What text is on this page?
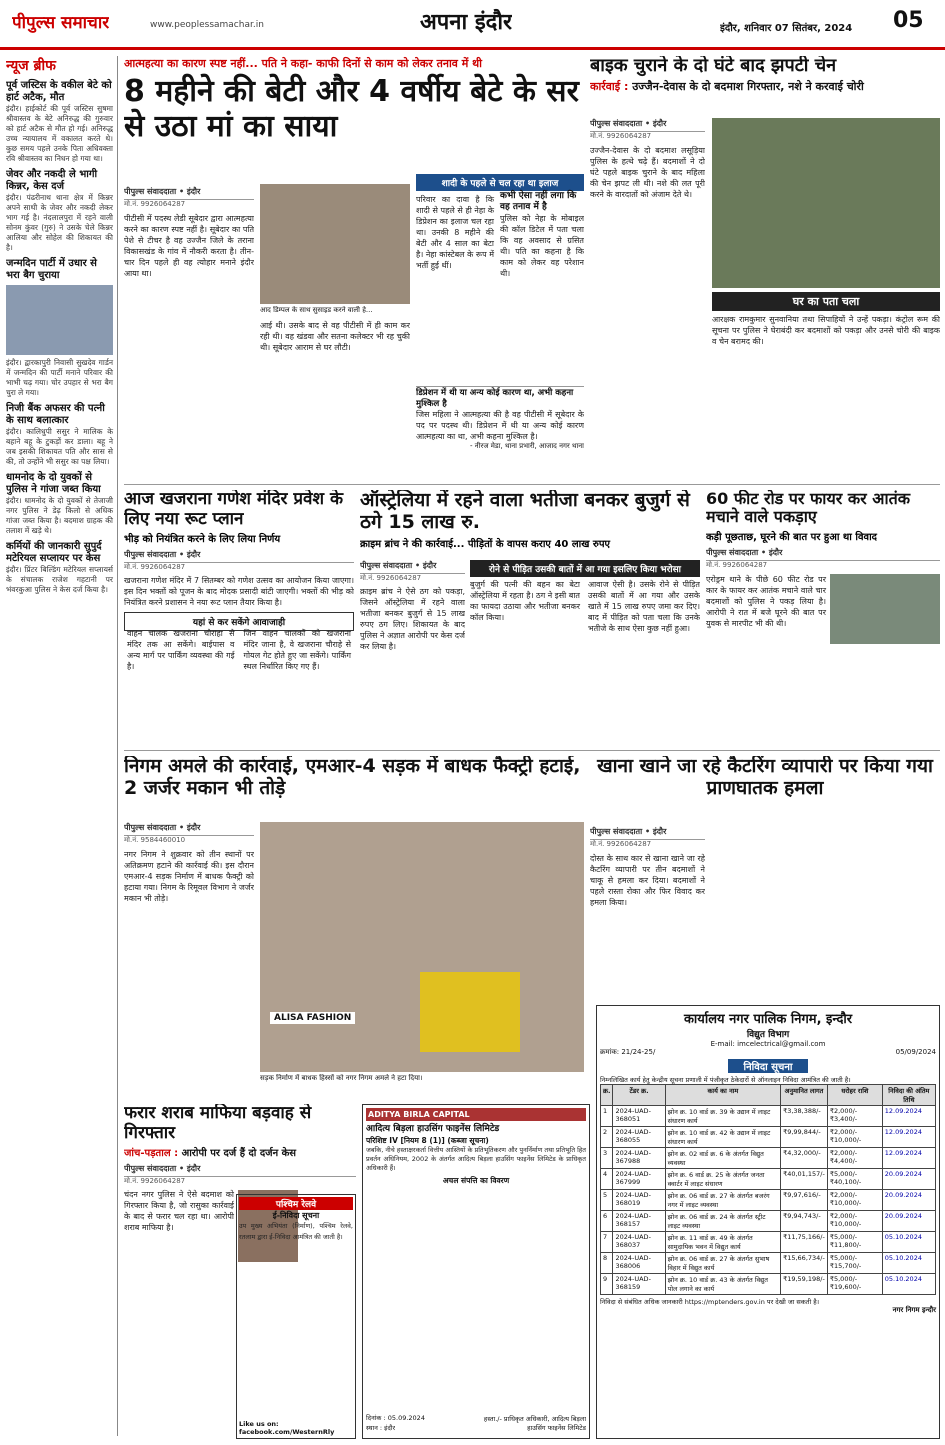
पीपुल्स समाचार	www.peoplessamachar.in	अपना इंदौर	इंदौर, शनिवार 07 सितंबर, 2024 05
न्यूज ब्रीफ
पूर्व जस्टिस के वकील बेटे को हार्ट अटैक, मौत
इंदौर। हाईकोर्ट की पूर्व जस्टिस सुषमा श्रीवास्तव के बेटे अनिरुद्ध की गुरुवार को हार्ट अटैक से मौत हो गई। अनिरुद्ध उच्च न्यायालय में वकालत करते थे। कुछ समय पहले उनके पिता अधिवक्ता रवि श्रीवास्तव का निधन हो गया था।
जेवर और नकदी ले भागी किन्नर, केस दर्ज
इंदौर। पंढरीनाथ थाना क्षेत्र में किन्नर अपने साथी के जेवर और नकदी लेकर भाग गई है। नंदलालपुरा में रहने वाली सोनम कुंवर (गुरु) ने उसके चेले किन्नर आलिया और सोहेल की शिकायत की है।
जन्मदिन पार्टी में उधार से भरा बैग चुराया
इंदौर। द्वारकापुरी निवासी सुखदेव गार्डन में जन्मदिन की पार्टी मनाने परिवार की भाभी चढ़ गया। चोर उपहार से भरा बैग चुरा ले गया।
निजी बैंक अफसर की पत्नी के साथ बलात्कार
इंदौर। कालिधुपी ससुर ने मालिक के बहाने बहू के टुकड़ों कर डाला। बहू ने जब इसकी शिकायत पति और सास से की, तो उन्होंने भी ससुर का पक्ष लिया।
धामनोद के दो युवकों से पुलिस ने गांजा जब्त किया
इंदौर। धामनोद के दो युवकों से तेजाजी नगर पुलिस ने डेढ़ किलो से अधिक गांजा जब्त किया है। बदमाश ग्राहक की तलाश में खड़े थे।
कर्मियों की जानकारी सुपुर्द मटेरियल सप्लायर पर केस
इंदौर। प्रिंटर बिल्डिंग मटेरियल सप्लायर्स के संचालक राजेश गहटानी पर भंवरकुआ पुलिस ने केस दर्ज किया है।
आत्महत्या का कारण स्पष्ट नहीं... पति ने कहा- काफी दिनों से काम को लेकर तनाव में थी
8 महीने की बेटी और 4 वर्षीय बेटे के सर से उठा मां का साया
पीपुल्स संवाददाता • इंदौर
मो.नं. 9926064287
पीटीसी में पदस्थ लेडी सूबेदार द्वारा आत्महत्या करने का कारण स्पष्ट नहीं है। सूबेदार का पति पेशे से टीचर है वह उज्जैन जिले के तराना विकासखंड के गांव में नौकरी करता है। तीन-चार दिन पहले ही वह त्योहार मनाने इंदौर आया था।
आद डिम्पल के साथ सुसाइड करने वाली हे...
आई थी। उसके बाद से वह पीटीसी में ही काम कर रही थी। वह खंडवा और सतना कलेक्टर भी रह चुकी थी। सूबेदार आराम से घर लौटी।
शादी के पहले से चल रहा था इलाज
परिवार का दावा है कि शादी से पहले से ही नेहा के डिप्रेशन का इलाज चल रहा था। उनकी 8 महीने की बेटी और 4 साल का बेटा है। नेहा कांस्टेबल के रूप में भर्ती हुई थीं।
कभी ऐसा नहीं लगा कि वह तनाव में है
पुलिस को नेहा के मोबाइल की कॉल डिटेल में पता चला कि वह अवसाद से ग्रसित थी। पति का कहना है कि काम को लेकर वह परेशान थी।
डिप्रेशन में थी या अन्य कोई कारण था, अभी कहना मुश्किल है
जिस महिला ने आत्महत्या की है वह पीटीसी में सूबेदार के पद पर पदस्थ थी। डिप्रेशन में थी या अन्य कोई कारण आत्महत्या का था, अभी कहना मुश्किल है।
- नीरज मेडा, थाना प्रभारी, आजाद नगर थाना
बाइक चुराने के दो घंटे बाद झपटी चेन
कार्रवाई : उज्जैन-देवास के दो बदमाश गिरफ्तार, नशे ने करवाई चोरी
पीपुल्स संवाददाता • इंदौर
मो.नं. 9926064287
उज्जैन-देवास के दो बदमाश लसूड़िया पुलिस के हत्थे चढ़े हैं। बदमाशों ने दो घंटे पहले बाइक चुराने के बाद महिला की चेन झपट ली थी। नशे की लत पूरी करने के वारदातों को अंजाम देते थे।
घर का पता चला
आरक्षक रामकुमार सुनवानिया तथा सिपाहियों ने उन्हें पकड़ा। कंट्रोल रूम की सूचना पर पुलिस ने घेराबंदी कर बदमाशों को पकड़ा और उनसे चोरी की बाइक व चेन बरामद की।
आज खजराना गणेश मंदिर प्रवेश के लिए नया रूट प्लान
भीड़ को नियंत्रित करने के लिए लिया निर्णय
पीपुल्स संवाददाता • इंदौर
मो.नं. 9926064287
खजराना गणेश मंदिर में 7 सितम्बर को गणेश उत्सव का आयोजन किया जाएगा। इस दिन भक्तों को पूजन के बाद मोदक प्रसादी बांटी जाएगी। भक्तों की भीड़ को नियंत्रित करने प्रशासन ने नया रूट प्लान तैयार किया है।
यहां से कर सकेंगे आवाजाही
वाहन चालक खजराना चौराहा से मंदिर तक आ सकेंगे। बाईपास व अन्य मार्ग पर पार्किंग व्यवस्था की गई है।
जिन वाहन चालकों को खजराना मंदिर जाना है, वे खजराना चौराहे से गोयल गेट होते हुए जा सकेंगे। पार्किंग स्थल निर्धारित किए गए हैं।
ऑस्ट्रेलिया में रहने वाला भतीजा बनकर बुजुर्ग से ठगे 15 लाख रु.
क्राइम ब्रांच ने की कार्रवाई... पीड़ितों के वापस कराए 40 लाख रुपए
पीपुल्स संवाददाता • इंदौर
मो.नं. 9926064287
क्राइम ब्रांच ने ऐसे ठग को पकड़ा, जिसने ऑस्ट्रेलिया में रहने वाला भतीजा बनकर बुजुर्ग से 15 लाख रुपए ठग लिए। शिकायत के बाद पुलिस ने अज्ञात आरोपी पर केस दर्ज कर लिया है।
रोने से पीड़ित उसकी बातों में आ गया इसलिए किया भरोसा
बुजुर्ग की पत्नी की बहन का बेटा ऑस्ट्रेलिया में रहता है। ठग ने इसी बात का फायदा उठाया और भतीजा बनकर कॉल किया।
आवाज ऐसी है। उसके रोने से पीड़ित उसकी बातों में आ गया और उसके खाते में 15 लाख रुपए जमा कर दिए। बाद में पीड़ित को पता चला कि उनके भतीजे के साथ ऐसा कुछ नहीं हुआ।
60 फीट रोड पर फायर कर आतंक मचाने वाले पकड़ाए
कड़ी पूछताछ, घूरने की बात पर हुआ था विवाद
पीपुल्स संवाददाता • इंदौर
मो.नं. 9926064287
एरोड्रम थाने के पीछे 60 फीट रोड पर कार के फायर कर आतंक मचाने वाले चार बदमाशों को पुलिस ने पकड़ लिया है। आरोपी ने रात में बजे घूरने की बात पर युवक से मारपीट भी की थी।
निगम अमले की कार्रवाई, एमआर-4 सड़क में बाधक फैक्ट्री हटाई, 2 जर्जर मकान भी तोड़े
पीपुल्स संवाददाता • इंदौर
मो.नं. 9584460010
नगर निगम ने शुक्रवार को तीन स्थानों पर अतिक्रमण हटाने की कार्रवाई की। इस दौरान एमआर-4 सड़क निर्माण में बाधक फैक्ट्री को हटाया गया। निगम के रिमूवल विभाग ने जर्जर मकान भी तोड़े।
ALISA FASHION
सड़क निर्माण में बाधक हिस्सों को नगर निगम अमले ने हटा दिया।
खाना खाने जा रहे कैटरिंग व्यापारी पर किया गया प्राणघातक हमला
पीपुल्स संवाददाता • इंदौर
मो.नं. 9926064287
दोस्त के साथ कार से खाना खाने जा रहे कैटरिंग व्यापारी पर तीन बदमाशों ने चाकू से हमला कर दिया। बदमाशों ने पहले रास्ता रोका और फिर विवाद कर हमला किया।
फरार शराब माफिया बड़वाह से गिरफ्तार
जांच-पड़ताल : आरोपी पर दर्ज हैं दो दर्जन केस
पीपुल्स संवाददाता • इंदौर
मो.नं. 9926064287
चंदन नगर पुलिस ने ऐसे बदमाश को गिरफ्तार किया है, जो रासुका कार्रवाई के बाद से फरार चल रहा था। आरोपी शराब माफिया है।
पश्चिम रेलवे
ई-निविदा सूचना
उप मुख्य अभियंता (निर्माण), पश्चिम रेलवे, रतलाम द्वारा ई-निविदा आमंत्रित की जाती है।
Like us on: facebook.com/WesternRly
ADITYA BIRLA CAPITAL
आदित्य बिड़ला हाउसिंग फाइनेंस लिमिटेड
परिशिष्ट IV [नियम 8 (1)] (कब्जा सूचना)
जबकि, नीचे हस्ताक्षरकर्ता वित्तीय आस्तियों के प्रतिभूतिकरण और पुनर्निर्माण तथा प्रतिभूति हित प्रवर्तन अधिनियम, 2002 के अंतर्गत आदित्य बिड़ला हाउसिंग फाइनेंस लिमिटेड के प्राधिकृत अधिकारी हैं।
अचल संपत्ति का विवरण
दिनांक : 05.09.2024
स्थान : इंदौर
हस्ता./- प्राधिकृत अधिकारी, आदित्य बिड़ला हाउसिंग फाइनेंस लिमिटेड
कार्यालय नगर पालिक निगम, इन्दौर
विद्युत विभाग
E-mail: imcelectrical@gmail.com
क्रमांक: 21/24-25/	05/09/2024
निविदा सूचना
निम्नलिखित कार्य हेतु केन्द्रीय सूचना प्रणाली में पंजीकृत ठेकेदारों से ऑनलाइन निविदा आमंत्रित की जाती है।
क्र.	टेंडर क्र.	कार्य का नाम	अनुमानित लागत	धरोहर राशि	निविदा की अंतिम तिथि
1	2024-UAD-368051	झोन क्र. 10 वार्ड क्र. 39 के उद्यान में लाइट संधारण कार्य	₹3,38,388/-	₹2,000/- ₹3,400/-	12.09.2024
2	2024-UAD-368055	झोन क्र. 10 वार्ड क्र. 42 के उद्यान में लाइट संधारण कार्य	₹9,99,844/-	₹2,000/- ₹10,000/-	12.09.2024
3	2024-UAD-367988	झोन क्र. 02 वार्ड क्र. 6 के अंतर्गत विद्युत व्यवस्था	₹4,32,000/-	₹2,000/- ₹4,400/-	12.09.2024
4	2024-UAD-367999	झोन क्र. 6 वार्ड क्र. 25 के अंतर्गत जनता क्वार्टर में लाइट संधारण	₹40,01,157/-	₹5,000/- ₹40,100/-	20.09.2024
5	2024-UAD-368019	झोन क्र. 06 वार्ड क्र. 27 के अंतर्गत बजरंग नगर में लाइट व्यवस्था	₹9,97,616/-	₹2,000/- ₹10,000/-	20.09.2024
6	2024-UAD-368157	झोन क्र. 06 वार्ड क्र. 24 के अंतर्गत स्ट्रीट लाइट व्यवस्था	₹9,94,743/-	₹2,000/- ₹10,000/-	20.09.2024
7	2024-UAD-368037	झोन क्र. 11 वार्ड क्र. 49 के अंतर्गत सामुदायिक भवन में विद्युत कार्य	₹11,75,166/-	₹5,000/- ₹11,800/-	05.10.2024
8	2024-UAD-368006	झोन क्र. 06 वार्ड क्र. 27 के अंतर्गत सुभाष विहार में विद्युत कार्य	₹15,66,734/-	₹5,000/- ₹15,700/-	05.10.2024
9	2024-UAD-368159	झोन क्र. 10 वार्ड क्र. 43 के अंतर्गत विद्युत पोल लगाने का कार्य	₹19,59,198/-	₹5,000/- ₹19,600/-	05.10.2024
निविदा से संबंधित अधिक जानकारी https://mptenders.gov.in पर देखी जा सकती है।
नगर निगम इन्दौर
